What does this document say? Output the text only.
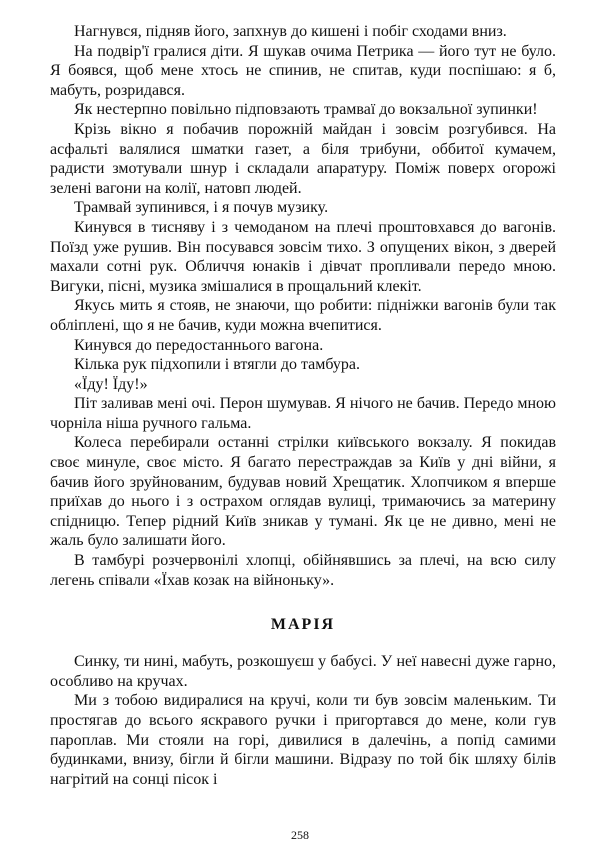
Нагнувся, підняв його, запхнув до кишені і побіг сходами вниз.

На подвір'ї гралися діти. Я шукав очима Петрика — його тут не було. Я боявся, щоб мене хтось не спинив, не спитав, куди поспішаю: я б, мабуть, розридався.

Як нестерпно повільно підповзають трамваї до вокзальної зупинки!

Крізь вікно я побачив порожній майдан і зовсім розгубився. На асфальті валялися шматки газет, а біля трибуни, оббитої кумачем, радисти змотували шнур і складали апаратуру. Поміж поверх огорожі зелені вагони на колії, натовп людей.

Трамвай зупинився, і я почув музику.

Кинувся в тисняву і з чемоданом на плечі проштовхався до вагонів. Поїзд уже рушив. Він посувався зовсім тихо. З опущених вікон, з дверей махали сотні рук. Обличчя юнаків і дівчат пропливали передо мною. Вигуки, пісні, музика змішалися в прощальний клекіт.

Якусь мить я стояв, не знаючи, що робити: підніжки вагонів були так обліплені, що я не бачив, куди можна вчепитися.

Кинувся до передостаннього вагона.

Кілька рук підхопили і втягли до тамбура.

«Їду! Їду!»

Піт заливав мені очі. Перон шумував. Я нічого не бачив. Передо мною чорніла ніша ручного гальма.

Колеса перебирали останні стрілки київського вокзалу. Я покидав своє минуле, своє місто. Я багато перестраждав за Київ у дні війни, я бачив його зруйнованим, будував новий Хрещатик. Хлопчиком я вперше приїхав до нього і з острахом оглядав вулиці, тримаючись за материну спідницю. Тепер рідний Київ зникав у тумані. Як це не дивно, мені не жаль було залишати його.

В тамбурі розчервонілі хлопці, обійнявшись за плечі, на всю силу легень співали «Їхав козак на війноньку».

МАРІЯ

Синку, ти нині, мабуть, розкошуєш у бабусі. У неї навесні дуже гарно, особливо на кручах.

Ми з тобою видиралися на кручі, коли ти був зовсім маленьким. Ти простягав до всього яскравого ручки і пригортався до мене, коли гув пароплав. Ми стояли на горі, дивилися в далечінь, а попід самими будинками, внизу, бігли й бігли машини. Відразу по той бік шляху білів нагрітий на сонці пісок і

258
